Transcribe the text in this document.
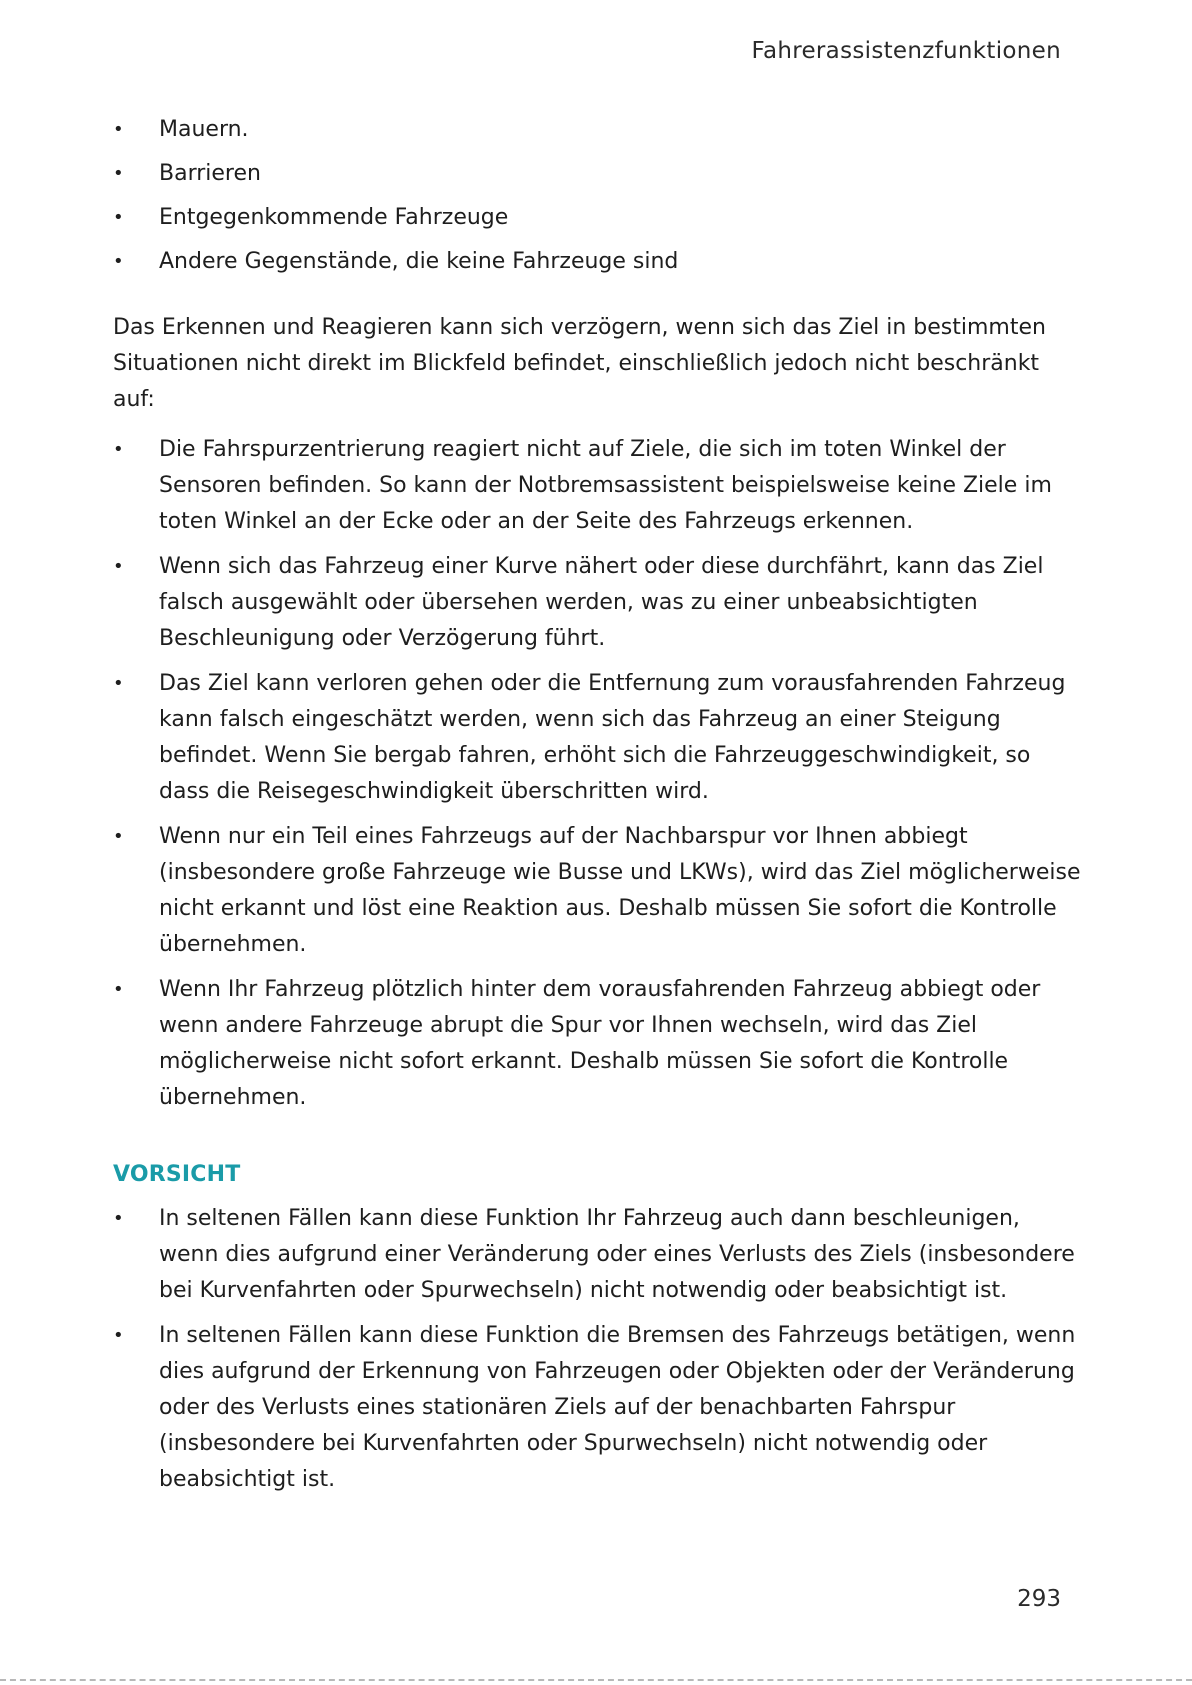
Fahrerassistenzfunktionen
• Mauern.
• Barrieren
• Entgegenkommende Fahrzeuge
• Andere Gegenstände, die keine Fahrzeuge sind

Das Erkennen und Reagieren kann sich verzögern, wenn sich das Ziel in bestimmten Situationen nicht direkt im Blickfeld befindet, einschließlich jedoch nicht beschränkt auf:

• Die Fahrspurzentrierung reagiert nicht auf Ziele, die sich im toten Winkel der Sensoren befinden. So kann der Notbremsassistent beispielsweise keine Ziele im toten Winkel an der Ecke oder an der Seite des Fahrzeugs erkennen.
• Wenn sich das Fahrzeug einer Kurve nähert oder diese durchfährt, kann das Ziel falsch ausgewählt oder übersehen werden, was zu einer unbeabsichtigten Beschleunigung oder Verzögerung führt.
• Das Ziel kann verloren gehen oder die Entfernung zum vorausfahrenden Fahrzeug kann falsch eingeschätzt werden, wenn sich das Fahrzeug an einer Steigung befindet. Wenn Sie bergab fahren, erhöht sich die Fahrzeuggeschwindigkeit, so dass die Reisegeschwindigkeit überschritten wird.
• Wenn nur ein Teil eines Fahrzeugs auf der Nachbarspur vor Ihnen abbiegt (insbesondere große Fahrzeuge wie Busse und LKWs), wird das Ziel möglicherweise nicht erkannt und löst eine Reaktion aus. Deshalb müssen Sie sofort die Kontrolle übernehmen.
• Wenn Ihr Fahrzeug plötzlich hinter dem vorausfahrenden Fahrzeug abbiegt oder wenn andere Fahrzeuge abrupt die Spur vor Ihnen wechseln, wird das Ziel möglicherweise nicht sofort erkannt. Deshalb müssen Sie sofort die Kontrolle übernehmen.
VORSICHT
• In seltenen Fällen kann diese Funktion Ihr Fahrzeug auch dann beschleunigen, wenn dies aufgrund einer Veränderung oder eines Verlusts des Ziels (insbesondere bei Kurvenfahrten oder Spurwechseln) nicht notwendig oder beabsichtigt ist.
• In seltenen Fällen kann diese Funktion die Bremsen des Fahrzeugs betätigen, wenn dies aufgrund der Erkennung von Fahrzeugen oder Objekten oder der Veränderung oder des Verlusts eines stationären Ziels auf der benachbarten Fahrspur (insbesondere bei Kurvenfahrten oder Spurwechseln) nicht notwendig oder beabsichtigt ist.
293
